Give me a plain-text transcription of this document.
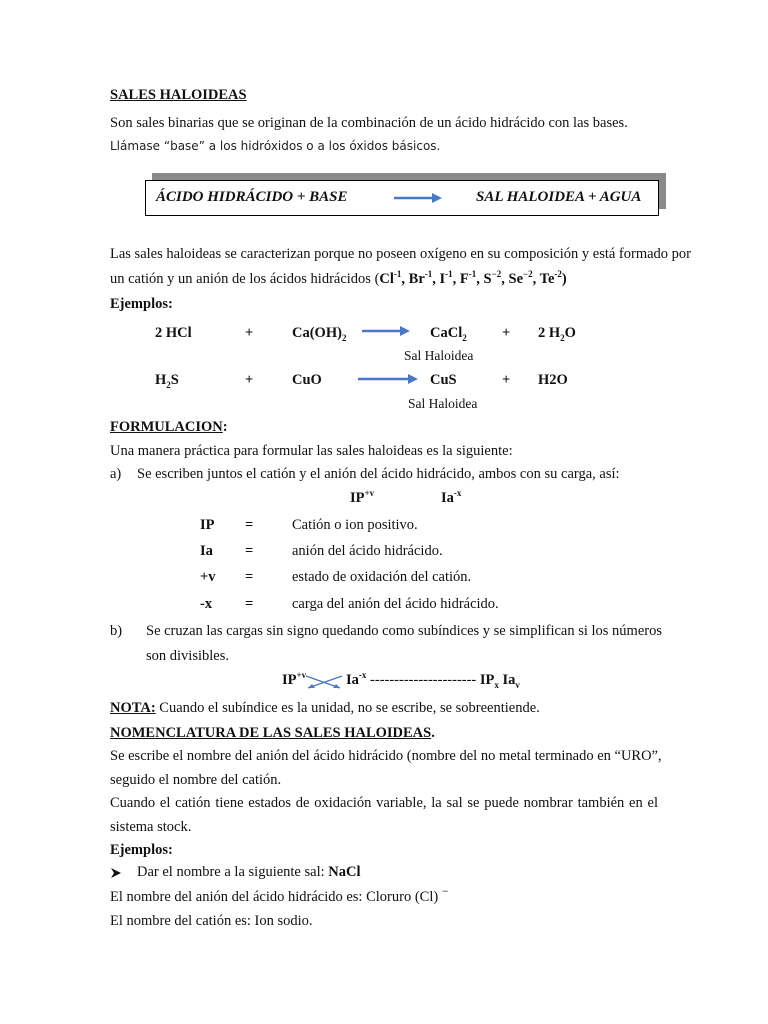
SALES HALOIDEAS
Son sales binarias que se originan de la combinación de un ácido hidrácido con las bases.
Llámase “base” a los hidróxidos o a los óxidos básicos.
ÁCIDO HIDRÁCIDO + BASE	SAL HALOIDEA + AGUA
Las sales haloideas se caracterizan porque no poseen oxígeno en su composición y está formado por
un catión y un anión de los ácidos hidrácidos ($Cl^{-1}$, $Br^{-1}$, $I^{-1}$, $F^{-1}$, $S^{-2}$, $Se^{-2}$, $Te^{-2}$)
Ejemplos:
2 HCl	+	$Ca(OH)_2$ → CaCl$_2$ + 2 $H_2O$
Sal Haloidea
$H_2S$	+	CuO	CuS	+ H2O
Sal Haloidea
FORMULACION:
Una manera práctica para formular las sales haloideas es la siguiente:
a) Se escriben juntos el catión y el anión del ácido hidrácido, ambos con su carga, así:
$IP^{+v}$	$Ia^{-x}$
IP =	Catión o ion positivo.
Ia =	anión del ácido hidrácido.
+v =	estado de oxidación del catión.
-x =	carga del anión del ácido hidrácido.
b) Se cruzan las cargas sin signo quedando como subíndices y se simplifican si los números
son divisibles.
$IP^{+v}$	$Ia^{-x}$ ---------------------- $IP_x$ $Ia_v$
NOTA: Cuando el subíndice es la unidad, no se escribe, se sobreentiende.
NOMENCLATURA DE LAS SALES HALOIDEAS.
Se escribe el nombre del anión del ácido hidrácido (nombre del no metal terminado en “URO”,
seguido el nombre del catión.
Cuando el catión tiene estados de oxidación variable, la sal se puede nombrar también en el
sistema stock.
Ejemplos:
Dar el nombre a la siguiente sal: NaCl
El nombre del anión del ácido hidrácido es: Cloruro (Cl) −
El nombre del catión es: Ion sodio.
